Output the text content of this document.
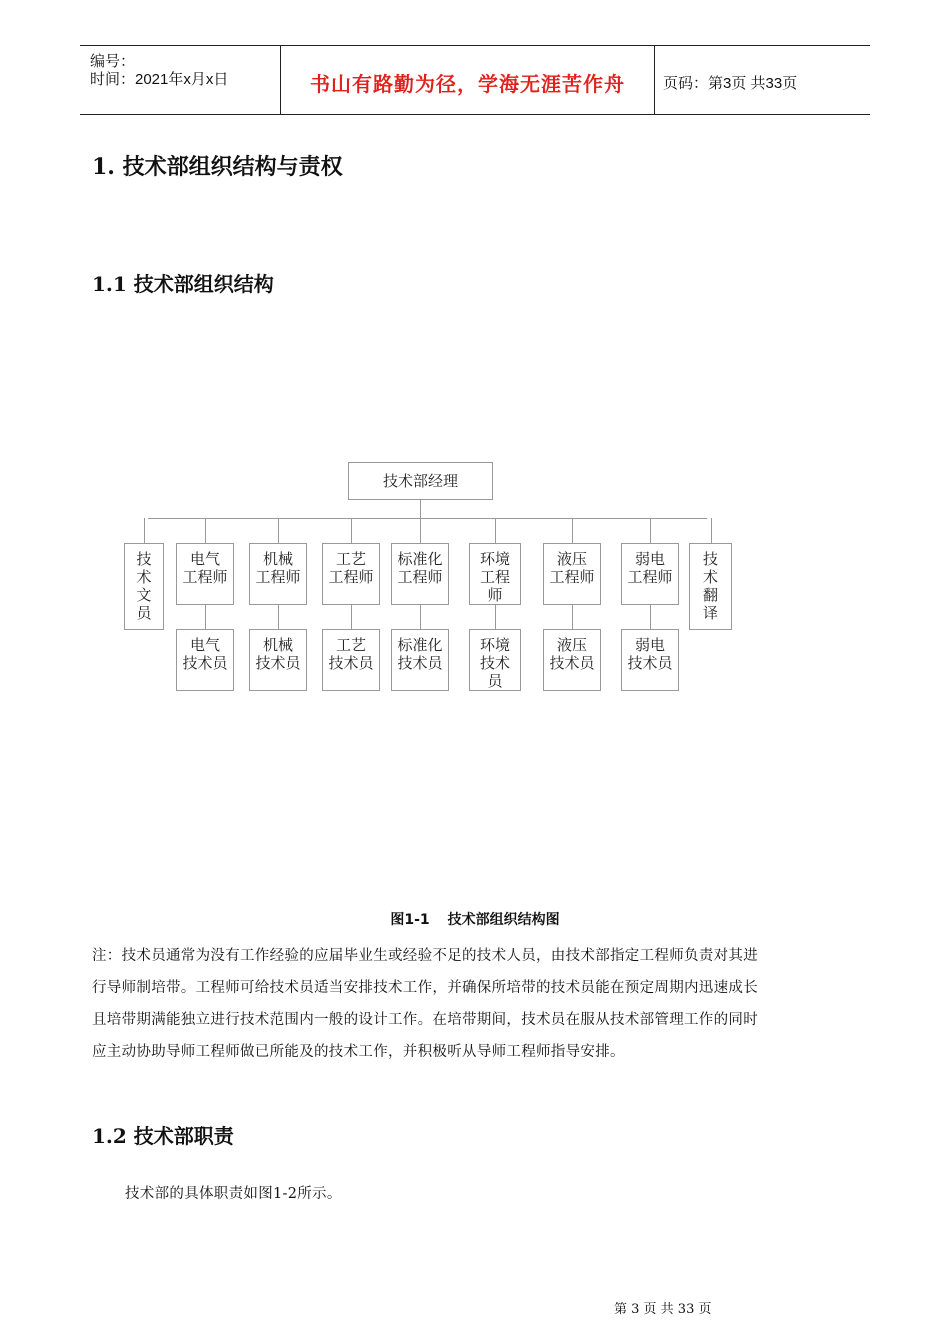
编号：
时间：2021年x月x日	书山有路勤为径，学海无涯苦作舟	页码：第3页 共33页
1. 技术部组织结构与责权
1.1 技术部组织结构
技术部经理
技
术
文
员
电气
工程师
机械
工程师
工艺
工程师
标准化
工程师
环境
工程
师
液压
工程师
弱电
工程师
技
术
翻
译
电气
技术员
机械
技术员
工艺
技术员
标准化
技术员
环境
技术
员
液压
技术员
弱电
技术员
图1-1 技术部组织结构图
注：技术员通常为没有工作经验的应届毕业生或经验不足的技术人员，由技术部指定工程师负责对其进
行导师制培带。工程师可给技术员适当安排技术工作，并确保所培带的技术员能在预定周期内迅速成长
且培带期满能独立进行技术范围内一般的设计工作。在培带期间，技术员在服从技术部管理工作的同时
应主动协助导师工程师做已所能及的技术工作，并积极听从导师工程师指导安排。
1.2 技术部职责
技术部的具体职责如图1-2所示。
第 3 页 共 33 页
